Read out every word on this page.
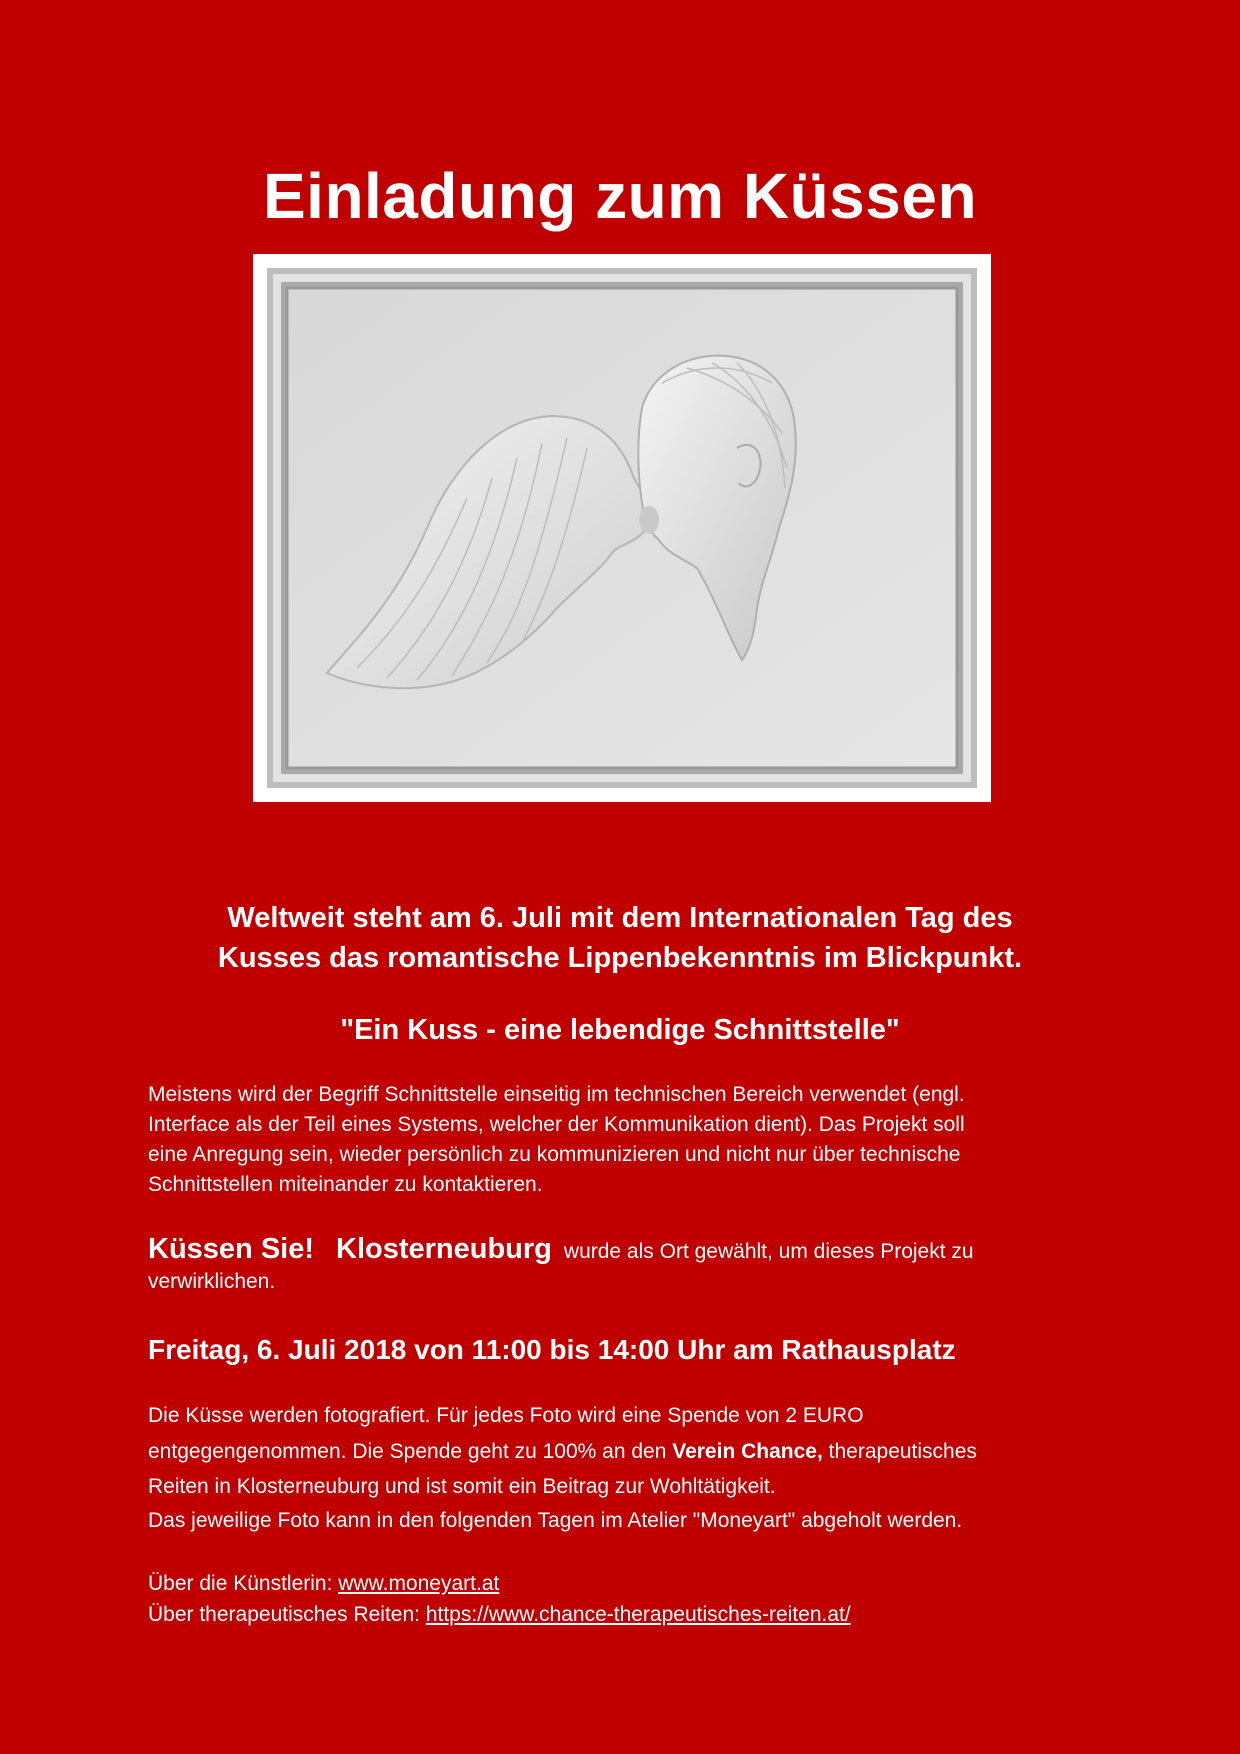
Einladung zum Küssen
Weltweit steht am 6. Juli mit dem Internationalen Tag des
Kusses das romantische Lippenbekenntnis im Blickpunkt.
"Ein Kuss - eine lebendige Schnittstelle"
Meistens wird der Begriff Schnittstelle einseitig im technischen Bereich verwendet (engl.
Interface als der Teil eines Systems, welcher der Kommunikation dient). Das Projekt soll
eine Anregung sein, wieder persönlich zu kommunizieren und nicht nur über technische
Schnittstellen miteinander zu kontaktieren.
Küssen Sie! Klosterneuburg wurde als Ort gewählt, um dieses Projekt zu verwirklichen.
Freitag, 6. Juli 2018 von 11:00 bis 14:00 Uhr am Rathausplatz
Die Küsse werden fotografiert. Für jedes Foto wird eine Spende von 2 EURO
entgegengenommen. Die Spende geht zu 100% an den Verein Chance, therapeutisches
Reiten in Klosterneuburg und ist somit ein Beitrag zur Wohltätigkeit.
Das jeweilige Foto kann in den folgenden Tagen im Atelier "Moneyart" abgeholt werden.
Über die Künstlerin: www.moneyart.at
Über therapeutisches Reiten: https://www.chance-therapeutisches-reiten.at/
